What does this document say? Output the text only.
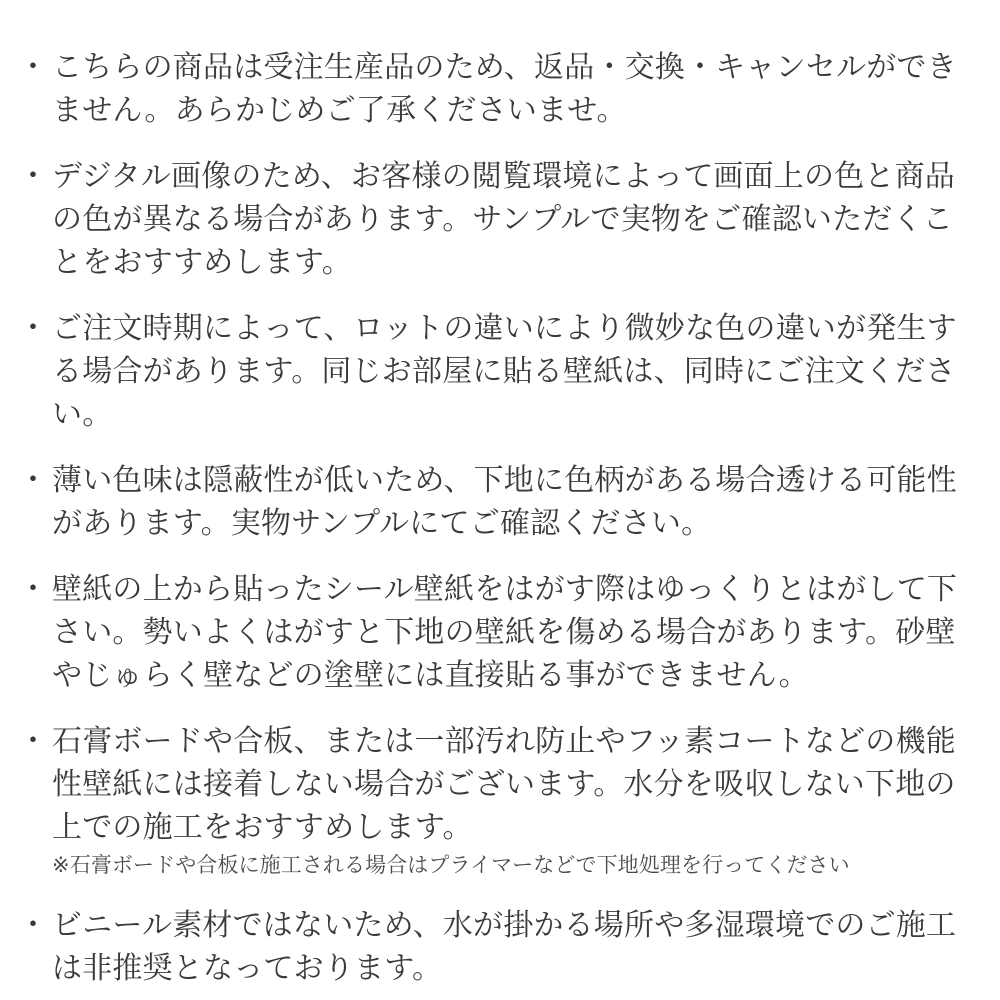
・ こちらの商品は受注生産品のため、返品・交換・キャンセルができません。あらかじめご了承くださいませ。
・ デジタル画像のため、お客様の閲覧環境によって画面上の色と商品の色が異なる場合があります。サンプルで実物をご確認いただくことをおすすめします。
・ ご注文時期によって、ロットの違いにより微妙な色の違いが発生する場合があります。同じお部屋に貼る壁紙は、同時にご注文ください。
・ 薄い色味は隠蔽性が低いため、下地に色柄がある場合透ける可能性があります。実物サンプルにてご確認ください。
・ 壁紙の上から貼ったシール壁紙をはがす際はゆっくりとはがして下さい。勢いよくはがすと下地の壁紙を傷める場合があります。砂壁やじゅらく壁などの塗壁には直接貼る事ができません。
・ 石膏ボードや合板、または一部汚れ防止やフッ素コートなどの機能性壁紙には接着しない場合がございます。水分を吸収しない下地の上での施工をおすすめします。
※石膏ボードや合板に施工される場合はプライマーなどで下地処理を行ってください
・ ビニール素材ではないため、水が掛かる場所や多湿環境でのご施工は非推奨となっております。
